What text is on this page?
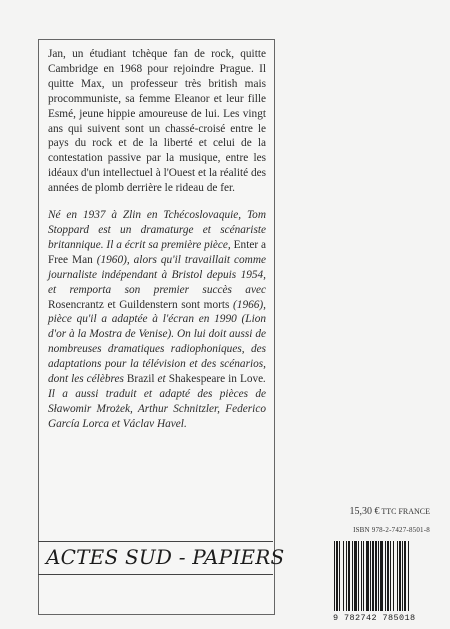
Jan, un étudiant tchèque fan de rock, quitte Cambridge en 1968 pour rejoindre Prague. Il quitte Max, un professeur très british mais procommuniste, sa femme Eleanor et leur fille Esmé, jeune hippie amoureuse de lui. Les vingt ans qui suivent sont un chassé-croisé entre le pays du rock et de la liberté et celui de la contestation passive par la musique, entre les idéaux d'un intellectuel à l'Ouest et la réalité des années de plomb derrière le rideau de fer.

Né en 1937 à Zlin en Tchécoslovaquie, Tom Stoppard est un dramaturge et scénariste britannique. Il a écrit sa première pièce, Enter a Free Man (1960), alors qu'il travaillait comme journaliste indépendant à Bristol depuis 1954, et remporta son premier succès avec Rosencrantz et Guildenstern sont morts (1966), pièce qu'il a adaptée à l'écran en 1990 (Lion d'or à la Mostra de Venise). On lui doit aussi de nombreuses dramatiques radiophoniques, des adaptations pour la télévision et des scénarios, dont les célèbres Brazil et Shakespeare in Love. Il a aussi traduit et adapté des pièces de Sławomir Mrożek, Arthur Schnitzler, Federico García Lorca et Václav Havel.

ACTES SUD - PAPIERS
15,30 € TTC FRANCE
ISBN 978-2-7427-8501-8
9 782742 785018
